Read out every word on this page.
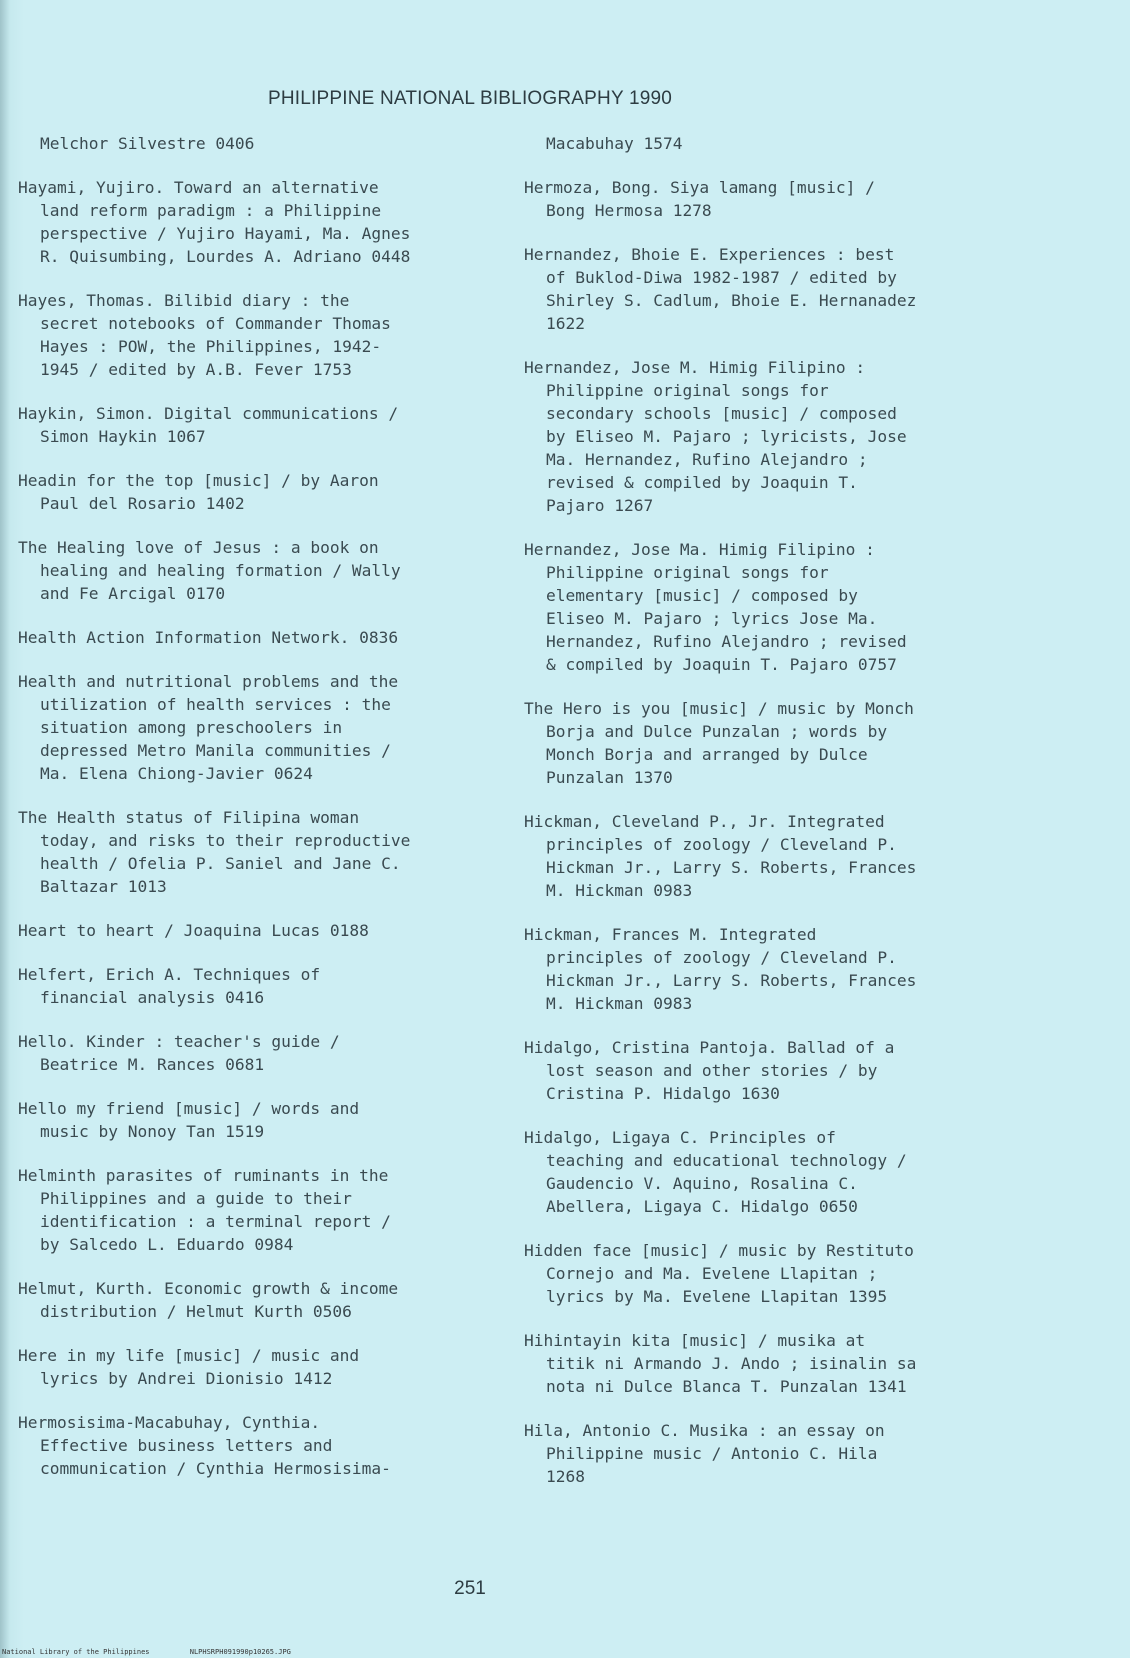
PHILIPPINE NATIONAL BIBLIOGRAPHY 1990
Melchor Silvestre 0406
Hayami, Yujiro. Toward an alternative
land reform paradigm : a Philippine
perspective / Yujiro Hayami, Ma. Agnes
R. Quisumbing, Lourdes A. Adriano 0448
Hayes, Thomas. Bilibid diary : the
secret notebooks of Commander Thomas
Hayes : POW, the Philippines, 1942-
1945 / edited by A.B. Fever 1753
Haykin, Simon. Digital communications /
Simon Haykin 1067
Headin for the top [music] / by Aaron
Paul del Rosario 1402
The Healing love of Jesus : a book on
healing and healing formation / Wally
and Fe Arcigal 0170
Health Action Information Network. 0836
Health and nutritional problems and the
utilization of health services : the
situation among preschoolers in
depressed Metro Manila communities /
Ma. Elena Chiong-Javier 0624
The Health status of Filipina woman
today, and risks to their reproductive
health / Ofelia P. Saniel and Jane C.
Baltazar 1013
Heart to heart / Joaquina Lucas 0188
Helfert, Erich A. Techniques of
financial analysis 0416
Hello. Kinder : teacher's guide /
Beatrice M. Rances 0681
Hello my friend [music] / words and
music by Nonoy Tan 1519
Helminth parasites of ruminants in the
Philippines and a guide to their
identification : a terminal report /
by Salcedo L. Eduardo 0984
Helmut, Kurth. Economic growth & income
distribution / Helmut Kurth 0506
Here in my life [music] / music and
lyrics by Andrei Dionisio 1412
Hermosisima-Macabuhay, Cynthia.
Effective business letters and
communication / Cynthia Hermosisima-
Macabuhay 1574
Hermoza, Bong. Siya lamang [music] /
Bong Hermosa 1278
Hernandez, Bhoie E. Experiences : best
of Buklod-Diwa 1982-1987 / edited by
Shirley S. Cadlum, Bhoie E. Hernanadez
1622
Hernandez, Jose M. Himig Filipino :
Philippine original songs for
secondary schools [music] / composed
by Eliseo M. Pajaro ; lyricists, Jose
Ma. Hernandez, Rufino Alejandro ;
revised & compiled by Joaquin T.
Pajaro 1267
Hernandez, Jose Ma. Himig Filipino :
Philippine original songs for
elementary [music] / composed by
Eliseo M. Pajaro ; lyrics Jose Ma.
Hernandez, Rufino Alejandro ; revised
& compiled by Joaquin T. Pajaro 0757
The Hero is you [music] / music by Monch
Borja and Dulce Punzalan ; words by
Monch Borja and arranged by Dulce
Punzalan 1370
Hickman, Cleveland P., Jr. Integrated
principles of zoology / Cleveland P.
Hickman Jr., Larry S. Roberts, Frances
M. Hickman 0983
Hickman, Frances M. Integrated
principles of zoology / Cleveland P.
Hickman Jr., Larry S. Roberts, Frances
M. Hickman 0983
Hidalgo, Cristina Pantoja. Ballad of a
lost season and other stories / by
Cristina P. Hidalgo 1630
Hidalgo, Ligaya C. Principles of
teaching and educational technology /
Gaudencio V. Aquino, Rosalina C.
Abellera, Ligaya C. Hidalgo 0650
Hidden face [music] / music by Restituto
Cornejo and Ma. Evelene Llapitan ;
lyrics by Ma. Evelene Llapitan 1395
Hihintayin kita [music] / musika at
titik ni Armando J. Ando ; isinalin sa
nota ni Dulce Blanca T. Punzalan 1341
Hila, Antonio C. Musika : an essay on
Philippine music / Antonio C. Hila
1268
251
National Library of the Philippines	NLPHSRPH091990p10265.JPG
